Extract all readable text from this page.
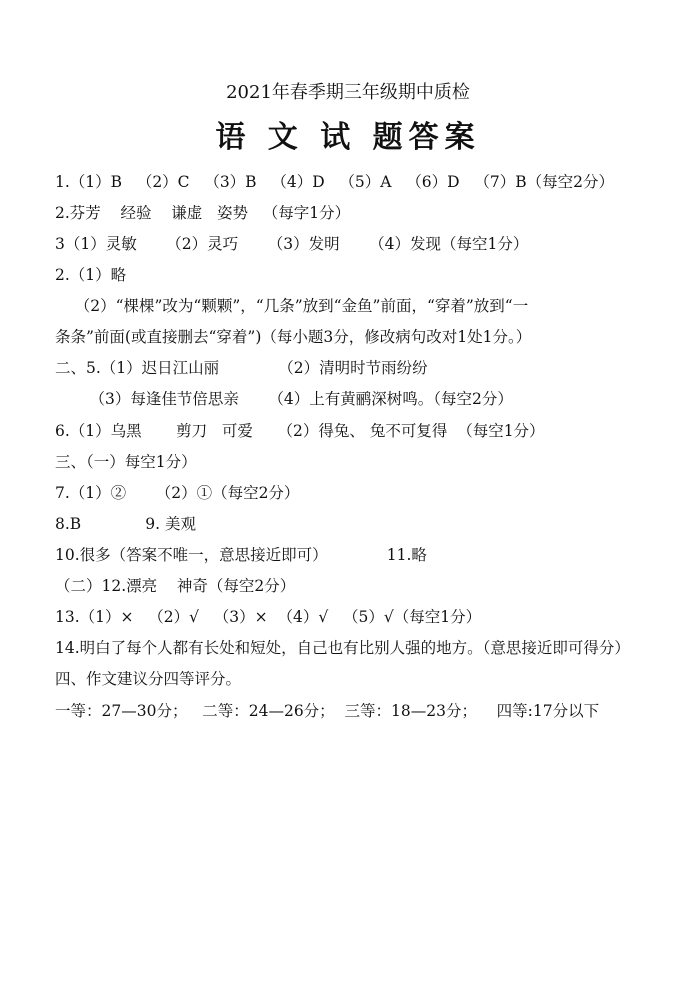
2021年春季期三年级期中质检
语 文 试 题答案
1.（1）B   （2）C   （3）B   （4）D   （5）A   （6）D   （7）B（每空2分）
2.芬芳    经验    谦虚   姿势   （每字1分）
3（1）灵敏      （2）灵巧      （3）发明      （4）发现（每空1分）
2.（1）略
（2）“棵棵”改为“颗颗”，“几条”放到“金鱼”前面，“穿着”放到“一
条条”前面(或直接删去“穿着”)（每小题3分，修改病句改对1处1分。）
二、5.（1）迟日江山丽            （2）清明时节雨纷纷
（3）每逢佳节倍思亲      （4）上有黄鹂深树鸣。（每空2分）
6.（1）乌黑       剪刀   可爱     （2）得兔、 兔不可复得  （每空1分）
三、（一）每空1分）
7.（1）②      （2）①（每空2分）
8.B             9. 美观
10.很多（答案不唯一，意思接近即可）            11.略
（二）12.漂亮    神奇（每空2分）
13.（1）×   （2）√   （3）×  （4）√   （5）√（每空1分）
14.明白了每个人都有长处和短处，自己也有比别人强的地方。（意思接近即可得分）
四、作文建议分四等评分。
一等：27—30分；   二等：24—26分；  三等：18—23分；    四等:17分以下
